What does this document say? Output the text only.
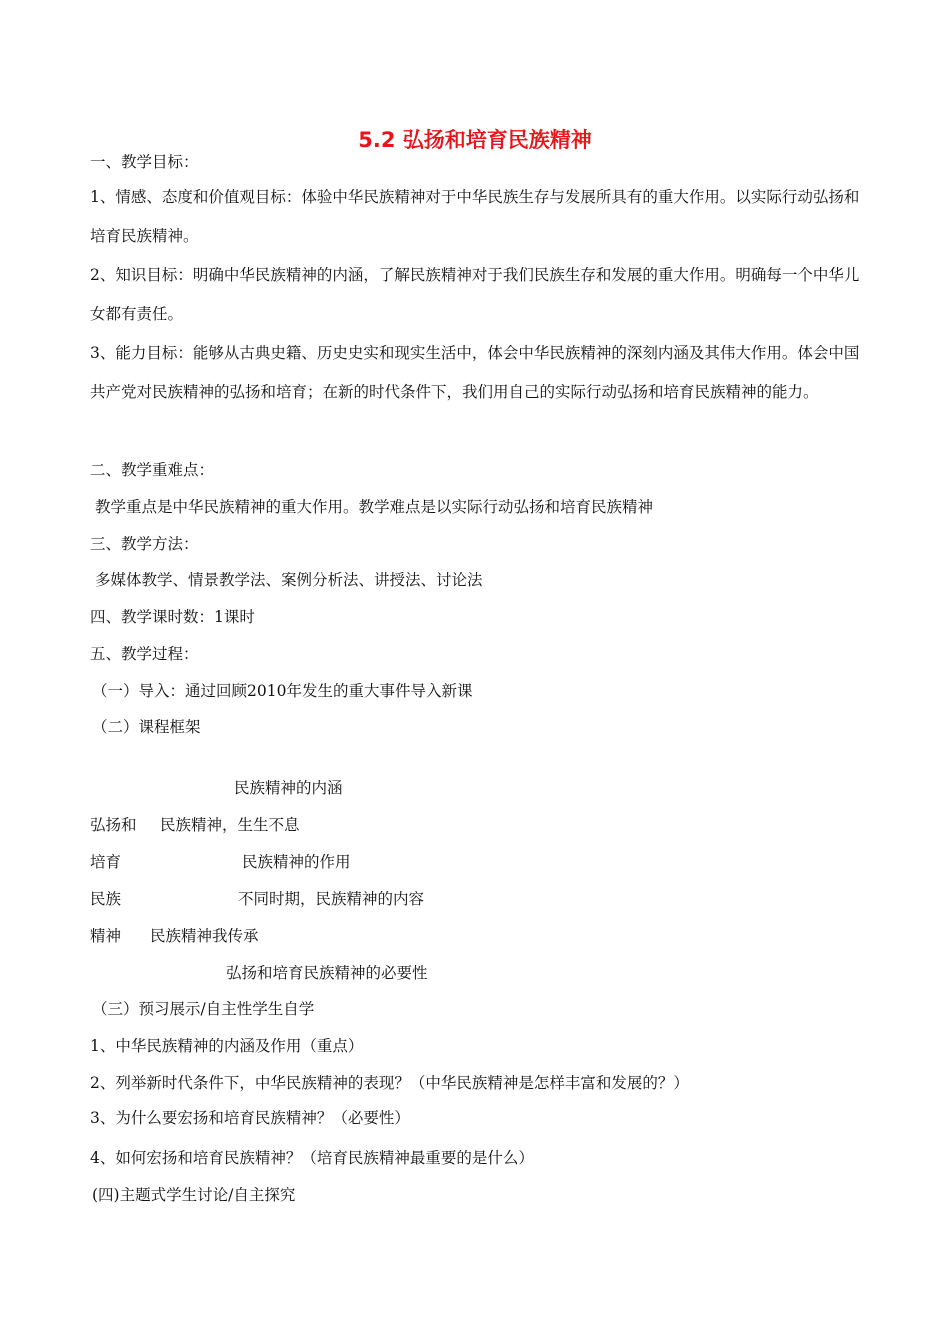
5.2 弘扬和培育民族精神
一、教学目标：
1、情感、态度和价值观目标：体验中华民族精神对于中华民族生存与发展所具有的重大作用。以实际行动弘扬和培育民族精神。
2、知识目标：明确中华民族精神的内涵，了解民族精神对于我们民族生存和发展的重大作用。明确每一个中华儿女都有责任。
3、能力目标：能够从古典史籍、历史史实和现实生活中，体会中华民族精神的深刻内涵及其伟大作用。体会中国共产党对民族精神的弘扬和培育；在新的时代条件下，我们用自己的实际行动弘扬和培育民族精神的能力。
二、教学重难点：
教学重点是中华民族精神的重大作用。教学难点是以实际行动弘扬和培育民族精神
三、教学方法：
多媒体教学、情景教学法、案例分析法、讲授法、讨论法
四、教学课时数：1课时
五、教学过程：
（一）导入：通过回顾2010年发生的重大事件导入新课
（二）课程框架
民族精神的内涵
弘扬和 民族精神，生生不息
培育	民族精神的作用
民族	不同时期，民族精神的内容
精神 民族精神我传承
弘扬和培育民族精神的必要性
（三）预习展示/自主性学生自学
1、中华民族精神的内涵及作用（重点）
2、列举新时代条件下，中华民族精神的表现？（中华民族精神是怎样丰富和发展的？）
3、为什么要宏扬和培育民族精神？（必要性）
4、如何宏扬和培育民族精神？（培育民族精神最重要的是什么）
(四)主题式学生讨论/自主探究
